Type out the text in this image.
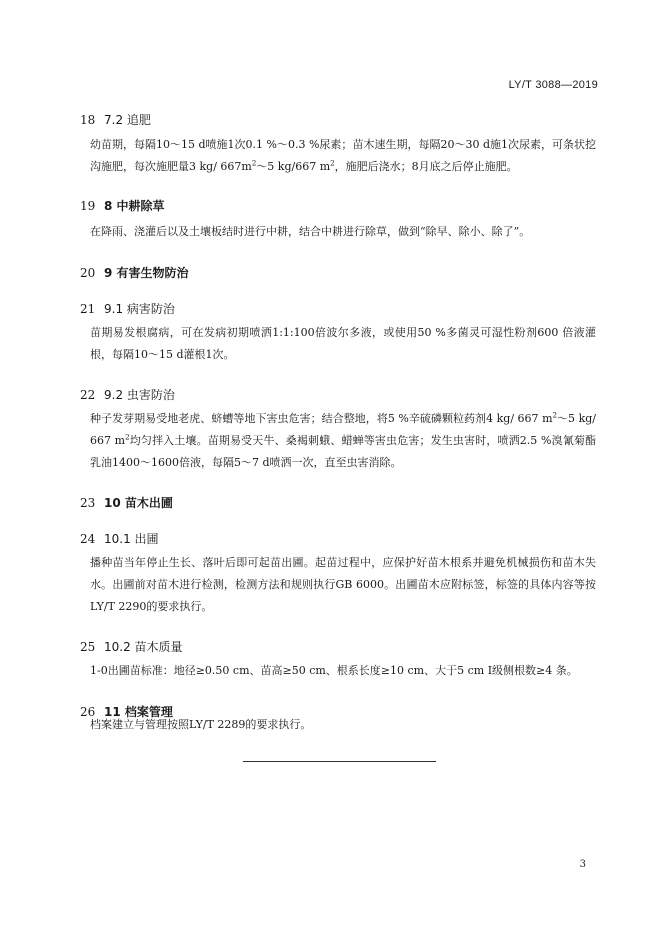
LY/T 3088—2019
18 7.2 追肥
幼苗期，每隔10～15 d喷施1次0.1 %～0.3 %尿素；苗木速生期，每隔20～30 d施1次尿素，可条状挖沟施肥，每次施肥量3 kg/ $667m^2\sim 5$ kg/667 $m^2$，施肥后浇水；8月底之后停止施肥。
19 8 中耕除草
在降雨、浇灌后以及土壤板结时进行中耕，结合中耕进行除草，做到“除早、除小、除了”。
20 9 有害生物防治
21 9.1 病害防治
苗期易发根腐病，可在发病初期喷洒1:1:100倍波尔多液，或使用50 %多菌灵可湿性粉剂600 倍液灌根，每隔10～15 d灌根1次。
22 9.2 虫害防治
种子发芽期易受地老虎、蛴螬等地下害虫危害；结合整地，将5 %辛硫磷颗粒药剂4 kg/ 667 $m^2\sim 5$ kg/ 667 $m^2$均匀拌入土壤。苗期易受天牛、桑褐刺蛾、蜡蝉等害虫危害；发生虫害时，喷洒2.5 %溴氰菊酯乳油1400～1600倍液，每隔5～7 d喷洒一次，直至虫害消除。
23 10 苗木出圃
24 10.1 出圃
播种苗当年停止生长、落叶后即可起苗出圃。起苗过程中，应保护好苗木根系并避免机械损伤和苗木失水。出圃前对苗木进行检测，检测方法和规则执行GB 6000。出圃苗木应附标签，标签的具体内容等按LY/T 2290的要求执行。
25 10.2 苗木质量
1-0出圃苗标准：地径≥0.50 cm、苗高≥50 cm、根系长度≥10 cm、大于5 cm Ⅰ级侧根数≥4 条。
26 11 档案管理
档案建立与管理按照LY/T 2289的要求执行。
3
